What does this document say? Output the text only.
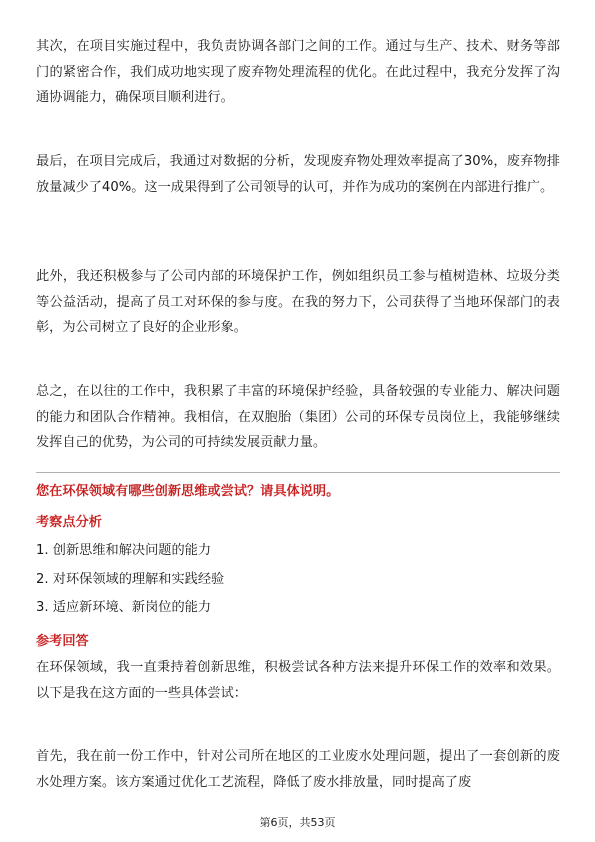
其次，在项目实施过程中，我负责协调各部门之间的工作。通过与生产、技术、财务等部门的紧密合作，我们成功地实现了废弃物处理流程的优化。在此过程中，我充分发挥了沟通协调能力，确保项目顺利进行。

最后，在项目完成后，我通过对数据的分析，发现废弃物处理效率提高了30%，废弃物排放量减少了40%。这一成果得到了公司领导的认可，并作为成功的案例在内部进行推广。

此外，我还积极参与了公司内部的环境保护工作，例如组织员工参与植树造林、垃圾分类等公益活动，提高了员工对环保的参与度。在我的努力下，公司获得了当地环保部门的表彰，为公司树立了良好的企业形象。

总之，在以往的工作中，我积累了丰富的环境保护经验，具备较强的专业能力、解决问题的能力和团队合作精神。我相信，在双胞胎（集团）公司的环保专员岗位上，我能够继续发挥自己的优势，为公司的可持续发展贡献力量。

您在环保领域有哪些创新思维或尝试？请具体说明。

考察点分析

1. 创新思维和解决问题的能力
2. 对环保领域的理解和实践经验
3. 适应新环境、新岗位的能力

参考回答

在环保领域，我一直秉持着创新思维，积极尝试各种方法来提升环保工作的效率和效果。以下是我在这方面的一些具体尝试：

首先，我在前一份工作中，针对公司所在地区的工业废水处理问题，提出了一套创新的废水处理方案。该方案通过优化工艺流程，降低了废水排放量，同时提高了废

第6页，共53页
